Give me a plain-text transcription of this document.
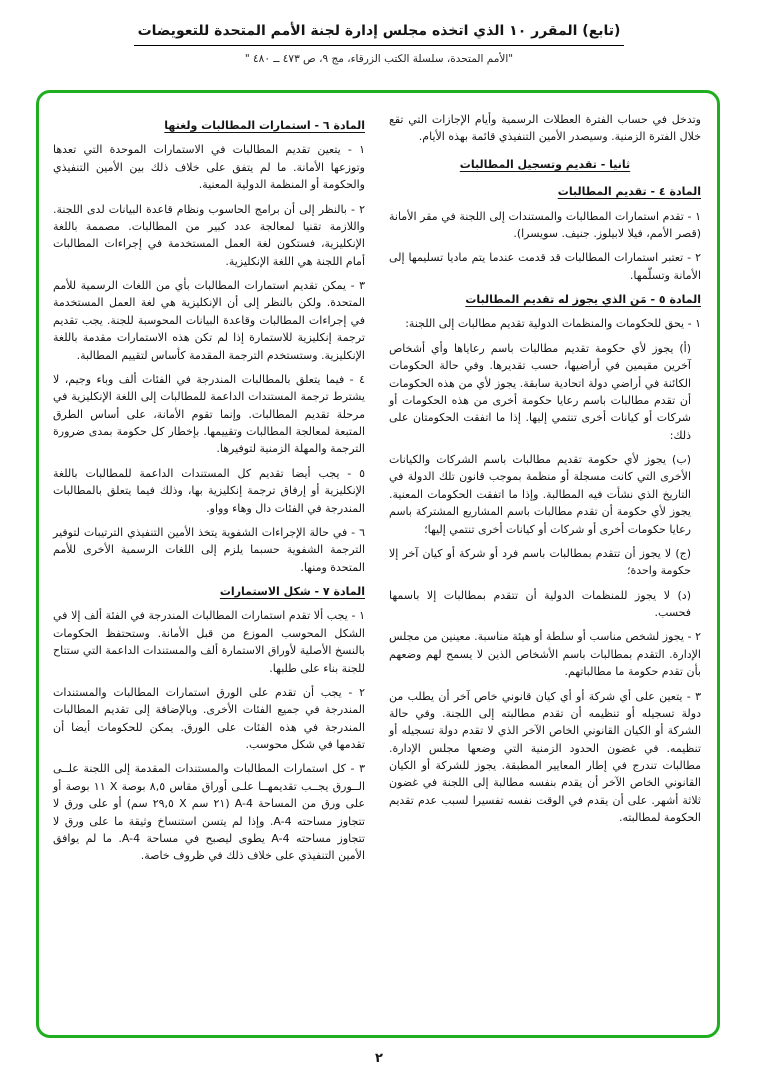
(تابع) المقرر ١٠ الذي اتخذه مجلس إدارة لجنة الأمم المتحدة للتعويضات
"الأمم المتحدة، سلسلة الكتب الزرقاء، مج ٩، ص ٤٧٣ ــ ٤٨٠ "
وتدخل في حساب الفترة العطلات الرسمية وأيام الإجازات التي تقع خلال الفترة الزمنية. وسيصدر الأمين التنفيذي قائمة بهذه الأيام.
ثانيا - تقديم وتسجيل المطالبات
المادة ٤ - تقديم المطالبات
١ - تقدم استمارات المطالبات والمستندات إلى اللجنة في مقر الأمانة (قصر الأمم، فيلا لابيلوز. جنيف. سويسرا).
٢ - تعتبر استمارات المطالبات قد قدمت عندما يتم ماديا تسليمها إلى الأمانة وتسلّمها.
المادة ٥ - مَن الذي يجوز له تقديم المطالبات
١ - يحق للحكومات والمنظمات الدولية تقديم مطالبات إلى اللجنة:
(أ) يجوز لأي حكومة تقديم مطالبات باسم رعاياها وأي أشخاص آخرين مقيمين في أراضيها، حسب تقديرها. وفي حالة الحكومات الكائنة في أراضي دولة اتحادية سابقة. يجوز لأي من هذه الحكومات أن تقدم مطالبات باسم رعايا حكومة أخرى من هذه الحكومات أو شركات أو كيانات أخرى تنتمي إليها. إذا ما اتفقت الحكومتان على ذلك:
(ب) يجوز لأي حكومة تقديم مطالبات باسم الشركات والكيانات الأخرى التي كانت مسجلة أو منظمة بموجب قانون تلك الدولة في التاريخ الذي نشأت فيه المطالبة. وإذا ما اتفقت الحكومات المعنية. يجوز لأي حكومة أن تقدم مطالبات باسم المشاريع المشتركة باسم رعايا حكومات أخرى أو شركات أو كيانات أخرى تنتمي إليها؛
(ج) لا يجوز أن تتقدم بمطالبات باسم فرد أو شركة أو كيان آخر إلا حكومة واحدة؛
(د) لا يجوز للمنظمات الدولية أن تتقدم بمطالبات إلا باسمها فحسب.
٢ - يجوز لشخص مناسب أو سلطة أو هيئة مناسبة. معينين من مجلس الإدارة. التقدم بمطالبات باسم الأشخاص الذين لا يسمح لهم وضعهم بأن تقدم حكومة ما مطالباتهم.
٣ - يتعين على أي شركة أو أي كيان قانوني خاص آخر أن يطلب من دولة تسجيله أو تنظيمه أن تقدم مطالبته إلى اللجنة. وفي حالة الشركة أو الكيان القانوني الخاص الآخر الذي لا تقدم دولة تسجيله أو تنظيمه. في غضون الحدود الزمنية التي وضعها مجلس الإدارة. مطالبات تندرج في إطار المعايير المطبقة. يجوز للشركة أو الكيان القانوني الخاص الآخر أن يقدم بنفسه مطالبة إلى اللجنة في غضون ثلاثة أشهر. على أن يقدم في الوقت نفسه تفسيرا لسبب عدم تقديم الحكومة لمطالبته.
المادة ٦ - استمارات المطالبات ولغتها
١ - يتعين تقديم المطالبات في الاستمارات الموحدة التي تعدها وتوزعها الأمانة. ما لم يتفق على خلاف ذلك بين الأمين التنفيذي والحكومة أو المنظمة الدولية المعنية.
٢ - بالنظر إلى أن برامج الحاسوب ونظام قاعدة البيانات لدى اللجنة. واللازمة تقنيا لمعالجة عدد كبير من المطالبات. مصممة باللغة الإنكليزية، فستكون لغة العمل المستخدمة في إجراءات المطالبات أمام اللجنة هي اللغة الإنكليزية.
٣ - يمكن تقديم استمارات المطالبات بأي من اللغات الرسمية للأمم المتحدة. ولكن بالنظر إلى أن الإنكليزية هي لغة العمل المستخدمة في إجراءات المطالبات وقاعدة البيانات المحوسبة للجنة. يجب تقديم ترجمة إنكليزية للاستمارة إذا لم تكن هذه الاستمارات مقدمة باللغة الإنكليزية. وستستخدم الترجمة المقدمة كأساس لتقييم المطالبة.
٤ - فيما يتعلق بالمطالبات المندرجة في الفئات ألف وباء وجيم، لا يشترط ترجمة المستندات الداعمة للمطالبات إلى اللغة الإنكليزية في مرحلة تقديم المطالبات. وإنما تقوم الأمانة، على أساس الطرق المتبعة لمعالجة المطالبات وتقييمها. بإخطار كل حكومة بمدى ضرورة الترجمة والمهلة الزمنية لتوفيرها.
٥ - يجب أيضا تقديم كل المستندات الداعمة للمطالبات باللغة الإنكليزية أو إرفاق ترجمة إنكليزية بها، وذلك فيما يتعلق بالمطالبات المندرجة في الفئات دال وهاء وواو.
٦ - في حالة الإجراءات الشفوية يتخذ الأمين التنفيذي الترتيبات لتوفير الترجمة الشفوية حسبما يلزم إلى اللغات الرسمية الأخرى للأمم المتحدة ومنها.
المادة ٧ - شكل الاستمارات
١ - يجب ألا تقدم استمارات المطالبات المندرجة في الفئة ألف إلا في الشكل المحوسب الموزع من قبل الأمانة. وستحتفظ الحكومات بالنسخ الأصلية لأوراق الاستمارة ألف والمستندات الداعمة التي ستتاح للجنة بناء على طلبها.
٢ - يجب أن تقدم على الورق استمارات المطالبات والمستندات المندرجة في جميع الفئات الأخرى. وبالإضافة إلى تقديم المطالبات المندرجة في هذه الفئات على الورق. يمكن للحكومات أيضا أن تقدمها في شكل محوسب.
٣ - كل استمارات المطالبات والمستندات المقدمة إلى اللجنة علــى الــورق يجــب تقديمهــا علـى أوراق مقاس ٨,٥ بوصة X ١١ بوصة أو على ورق من المساحة A-4 (٢١ سم X ٢٩,٥ سم) أو على ورق لا تتجاوز مساحته A-4. وإذا لم يتسن استنساخ وثيقة ما على ورق لا تتجاوز مساحته A-4 يطوى ليصبح في مساحة A-4. ما لم يوافق الأمين التنفيذي على خلاف ذلك في ظروف خاصة.
٢
